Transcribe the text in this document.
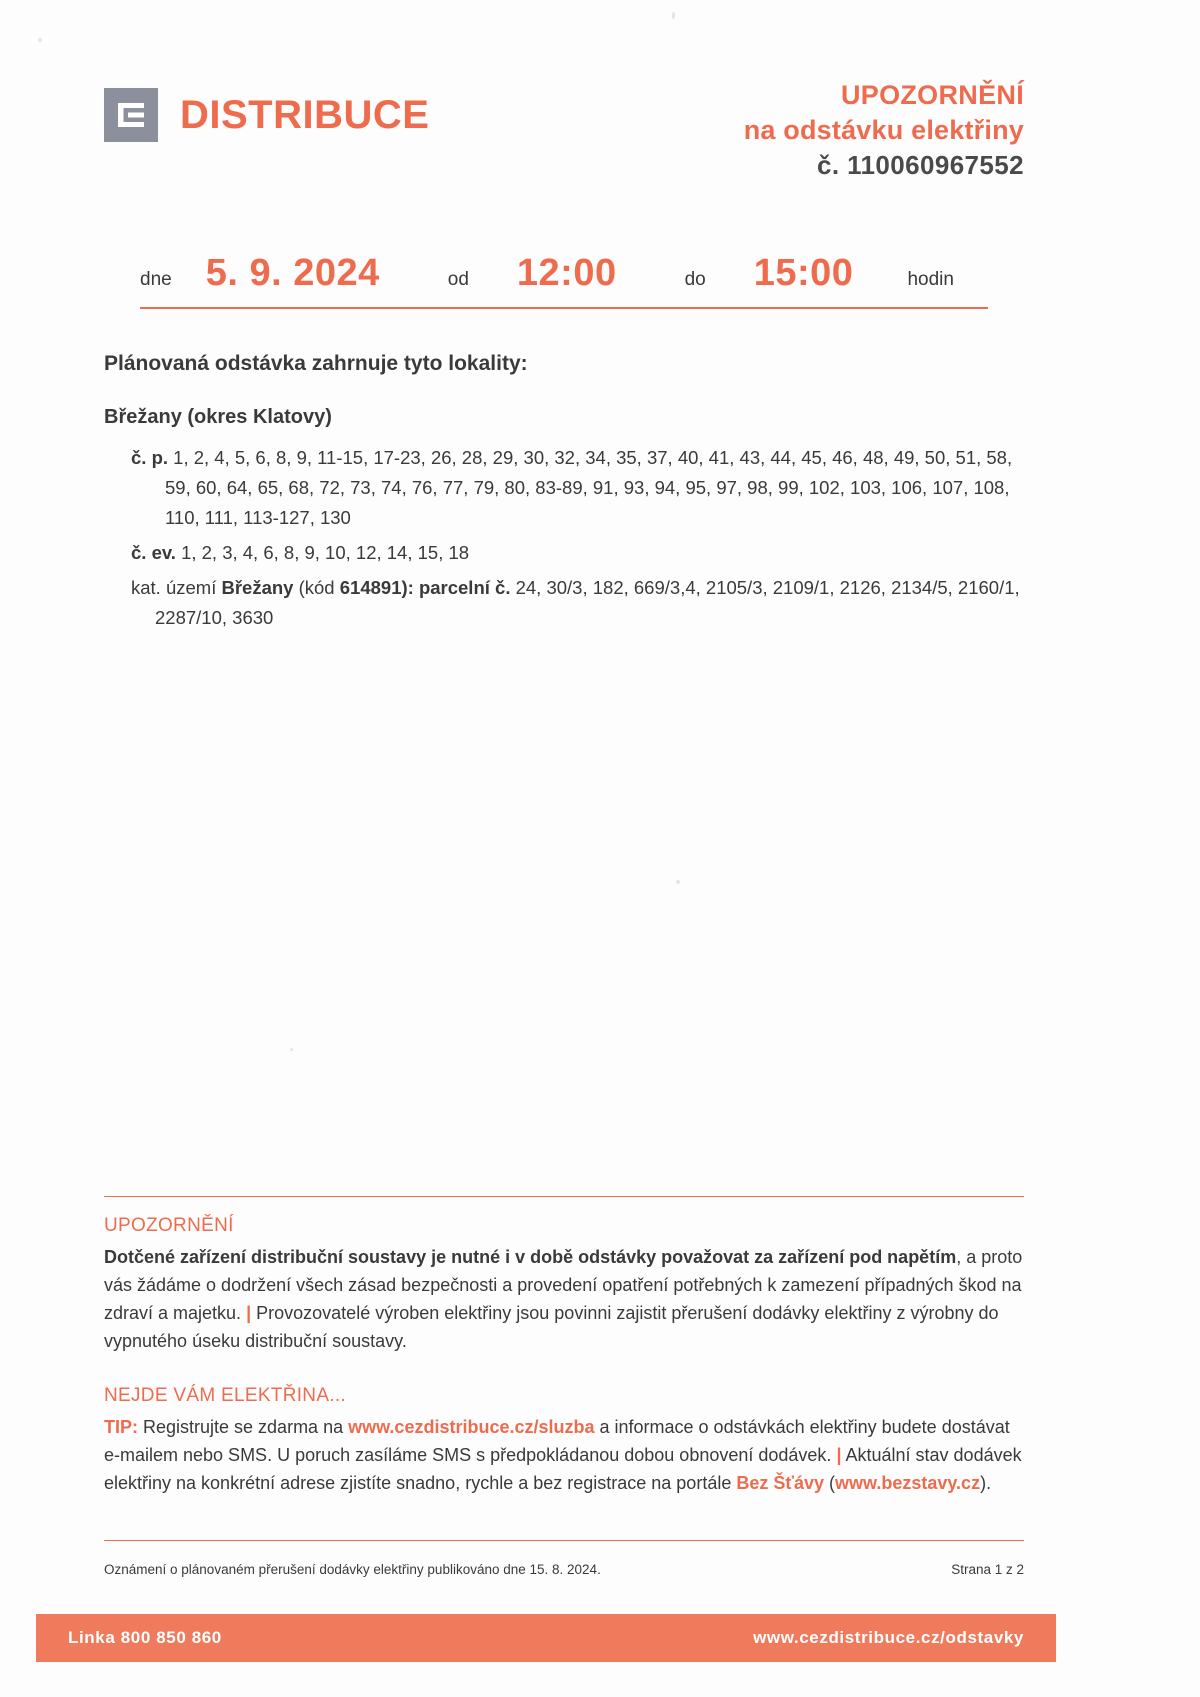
DISTRIBUCE	UPOZORNĚNÍ
na odstávku elektřiny
č. 110060967552
dne 5. 9. 2024	od 12:00	do 15:00	hodin
Plánovaná odstávka zahrnuje tyto lokality:
Břežany (okres Klatovy)
č. p. 1, 2, 4, 5, 6, 8, 9, 11-15, 17-23, 26, 28, 29, 30, 32, 34, 35, 37, 40, 41, 43, 44, 45, 46, 48, 49, 50, 51, 58, 59, 60, 64, 65, 68, 72, 73, 74, 76, 77, 79, 80, 83-89, 91, 93, 94, 95, 97, 98, 99, 102, 103, 106, 107, 108, 110, 111, 113-127, 130
č. ev. 1, 2, 3, 4, 6, 8, 9, 10, 12, 14, 15, 18
kat. území Břežany (kód 614891): parcelní č. 24, 30/3, 182, 669/3,4, 2105/3, 2109/1, 2126, 2134/5, 2160/1, 2287/10, 3630
UPOZORNĚNÍ
Dotčené zařízení distribuční soustavy je nutné i v době odstávky považovat za zařízení pod napětím, a proto vás žádáme o dodržení všech zásad bezpečnosti a provedení opatření potřebných k zamezení případných škod na zdraví a majetku. | Provozovatelé výroben elektřiny jsou povinni zajistit přerušení dodávky elektřiny z výrobny do vypnutého úseku distribuční soustavy.
NEJDE VÁM ELEKTŘINA...
TIP: Registrujte se zdarma na www.cezdistribuce.cz/sluzba a informace o odstávkách elektřiny budete dostávat e-mailem nebo SMS. U poruch zasíláme SMS s předpokládanou dobou obnovení dodávek. | Aktuální stav dodávek elektřiny na konkrétní adrese zjistíte snadno, rychle a bez registrace na portále Bez Šťávy (www.bezstavy.cz).
Oznámení o plánovaném přerušení dodávky elektřiny publikováno dne 15. 8. 2024.	Strana 1 z 2
Linka 800 850 860	www.cezdistribuce.cz/odstavky
